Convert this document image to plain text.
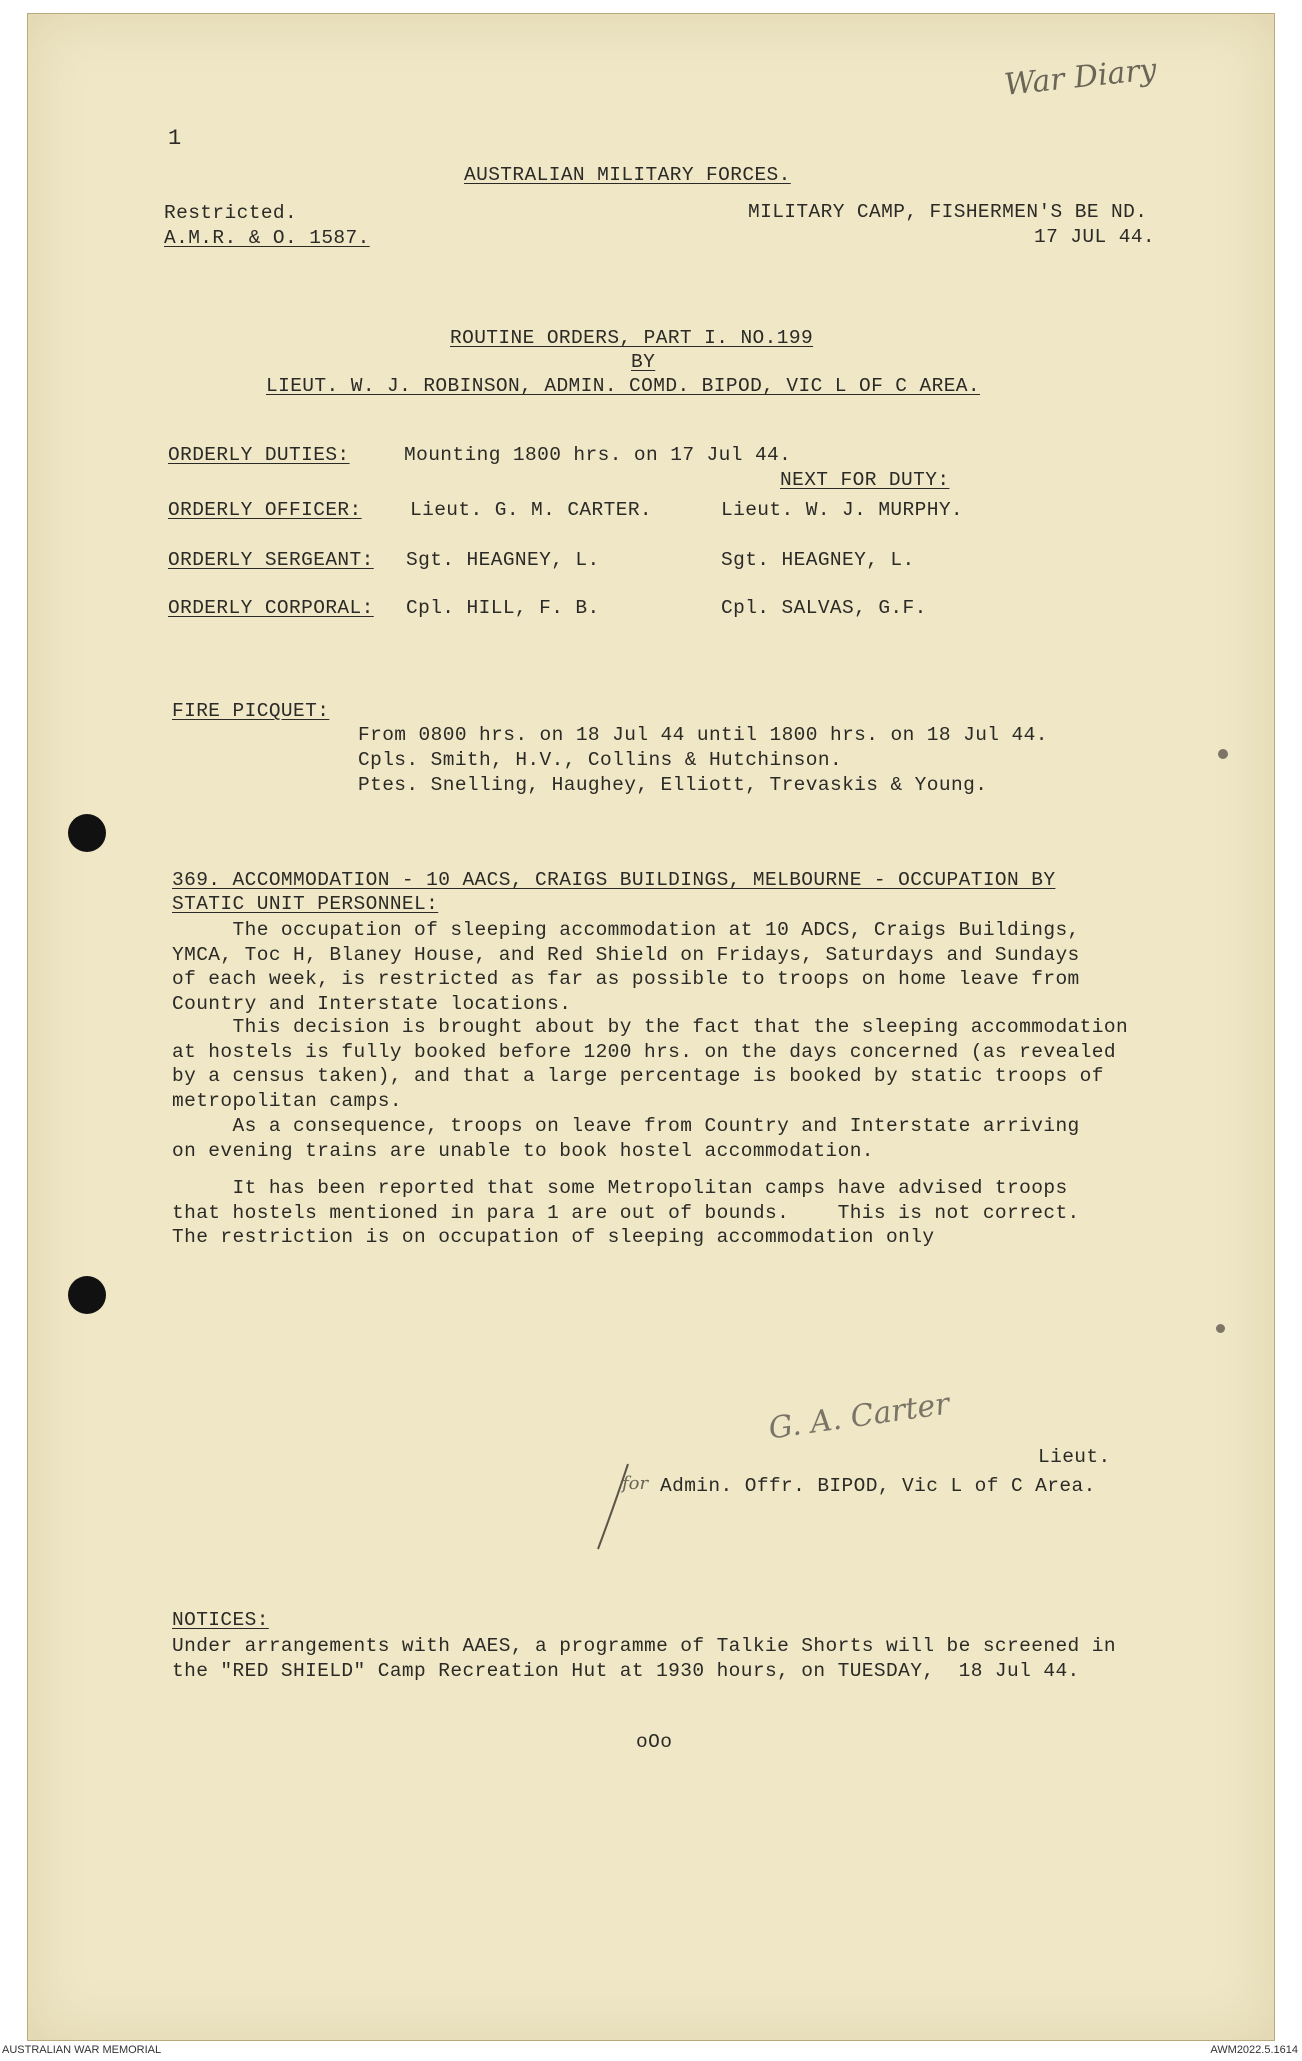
1
War Diary
AUSTRALIAN MILITARY FORCES.
Restricted.
A.M.R. & O. 1587.
MILITARY CAMP, FISHERMEN'S BE ND.
17 JUL 44.
ROUTINE ORDERS, PART I. NO.199
BY
LIEUT. W. J. ROBINSON, ADMIN. COMD. BIPOD, VIC L OF C AREA.
ORDERLY DUTIES:	Mounting 1800 hrs. on 17 Jul 44.
NEXT FOR DUTY:
ORDERLY OFFICER: Lieut. G. M. CARTER.	Lieut. W. J. MURPHY.
ORDERLY SERGEANT: Sgt. HEAGNEY, L.	Sgt. HEAGNEY, L.
ORDERLY CORPORAL: Cpl. HILL, F. B.	Cpl. SALVAS, G.F.
FIRE PICQUET:
From 0800 hrs. on 18 Jul 44 until 1800 hrs. on 18 Jul 44.
Cpls. Smith, H.V., Collins & Hutchinson.
Ptes. Snelling, Haughey, Elliott, Trevaskis & Young.
369. ACCOMMODATION - 10 AACS, CRAIGS BUILDINGS, MELBOURNE - OCCUPATION BY
STATIC UNIT PERSONNEL:
The occupation of sleeping accommodation at 10 ADCS, Craigs Buildings,
YMCA, Toc H, Blaney House, and Red Shield on Fridays, Saturdays and Sundays
of each week, is restricted as far as possible to troops on home leave from
Country and Interstate locations.
This decision is brought about by the fact that the sleeping accommodation
at hostels is fully booked before 1200 hrs. on the days concerned (as revealed
by a census taken), and that a large percentage is booked by static troops of
metropolitan camps.
As a consequence, troops on leave from Country and Interstate arriving
on evening trains are unable to book hostel accommodation.
It has been reported that some Metropolitan camps have advised troops
that hostels mentioned in para 1 are out of bounds.    This is not correct.
The restriction is on occupation of sleeping accommodation only
G. A. Carter
Lieut.
for Admin. Offr. BIPOD, Vic L of C Area.
NOTICES:
Under arrangements with AAES, a programme of Talkie Shorts will be screened in
the "RED SHIELD" Camp Recreation Hut at 1930 hours, on TUESDAY,  18 Jul 44.
oOo
AUSTRALIAN WAR MEMORIAL	AWM2022.5.1614
